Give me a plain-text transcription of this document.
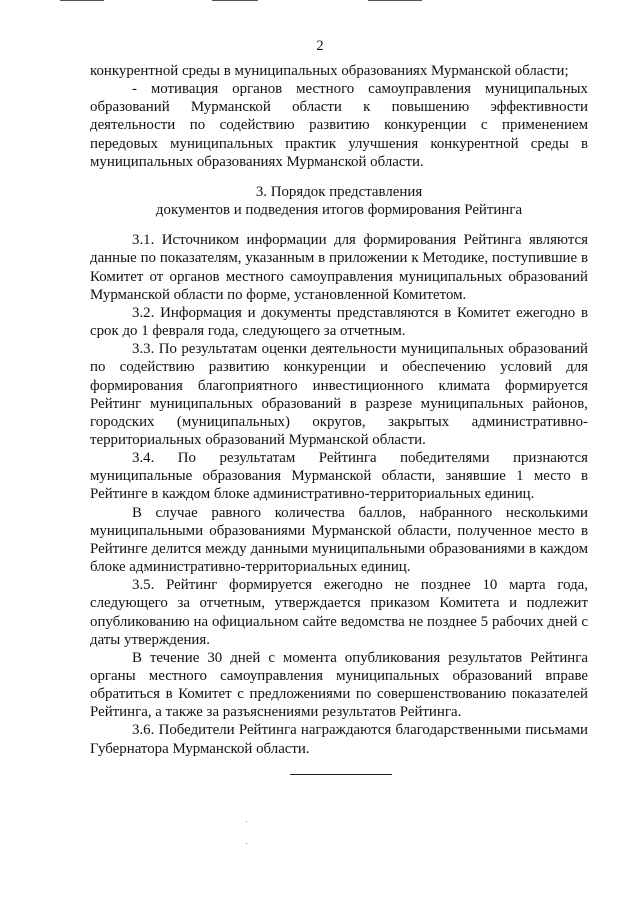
2

конкурентной среды в муниципальных образованиях Мурманской области;

- мотивация органов местного самоуправления муниципальных образований Мурманской области к повышению эффективности деятельности по содействию развитию конкуренции с применением передовых муниципальных практик улучшения конкурентной среды в муниципальных образованиях Мурманской области.

3. Порядок представления
документов и подведения итогов формирования Рейтинга

3.1. Источником информации для формирования Рейтинга являются данные по показателям, указанным в приложении к Методике, поступившие в Комитет от органов местного самоуправления муниципальных образований Мурманской области по форме, установленной Комитетом.

3.2. Информация и документы представляются в Комитет ежегодно в срок до 1 февраля года, следующего за отчетным.

3.3. По результатам оценки деятельности муниципальных образований по содействию развитию конкуренции и обеспечению условий для формирования благоприятного инвестиционного климата формируется Рейтинг муниципальных образований в разрезе муниципальных районов, городских (муниципальных) округов, закрытых административно-территориальных образований Мурманской области.

3.4. По результатам Рейтинга победителями признаются муниципальные образования Мурманской области, занявшие 1 место в Рейтинге в каждом блоке административно-территориальных единиц.

В случае равного количества баллов, набранного несколькими муниципальными образованиями Мурманской области, полученное место в Рейтинге делится между данными муниципальными образованиями в каждом блоке административно-территориальных единиц.

3.5. Рейтинг формируется ежегодно не позднее 10 марта года, следующего за отчетным, утверждается приказом Комитета и подлежит опубликованию на официальном сайте ведомства не позднее 5 рабочих дней с даты утверждения.

В течение 30 дней с момента опубликования результатов Рейтинга органы местного самоуправления муниципальных образований вправе обратиться в Комитет с предложениями по совершенствованию показателей Рейтинга, а также за разъяснениями результатов Рейтинга.

3.6. Победители Рейтинга награждаются благодарственными письмами Губернатора Мурманской области.
